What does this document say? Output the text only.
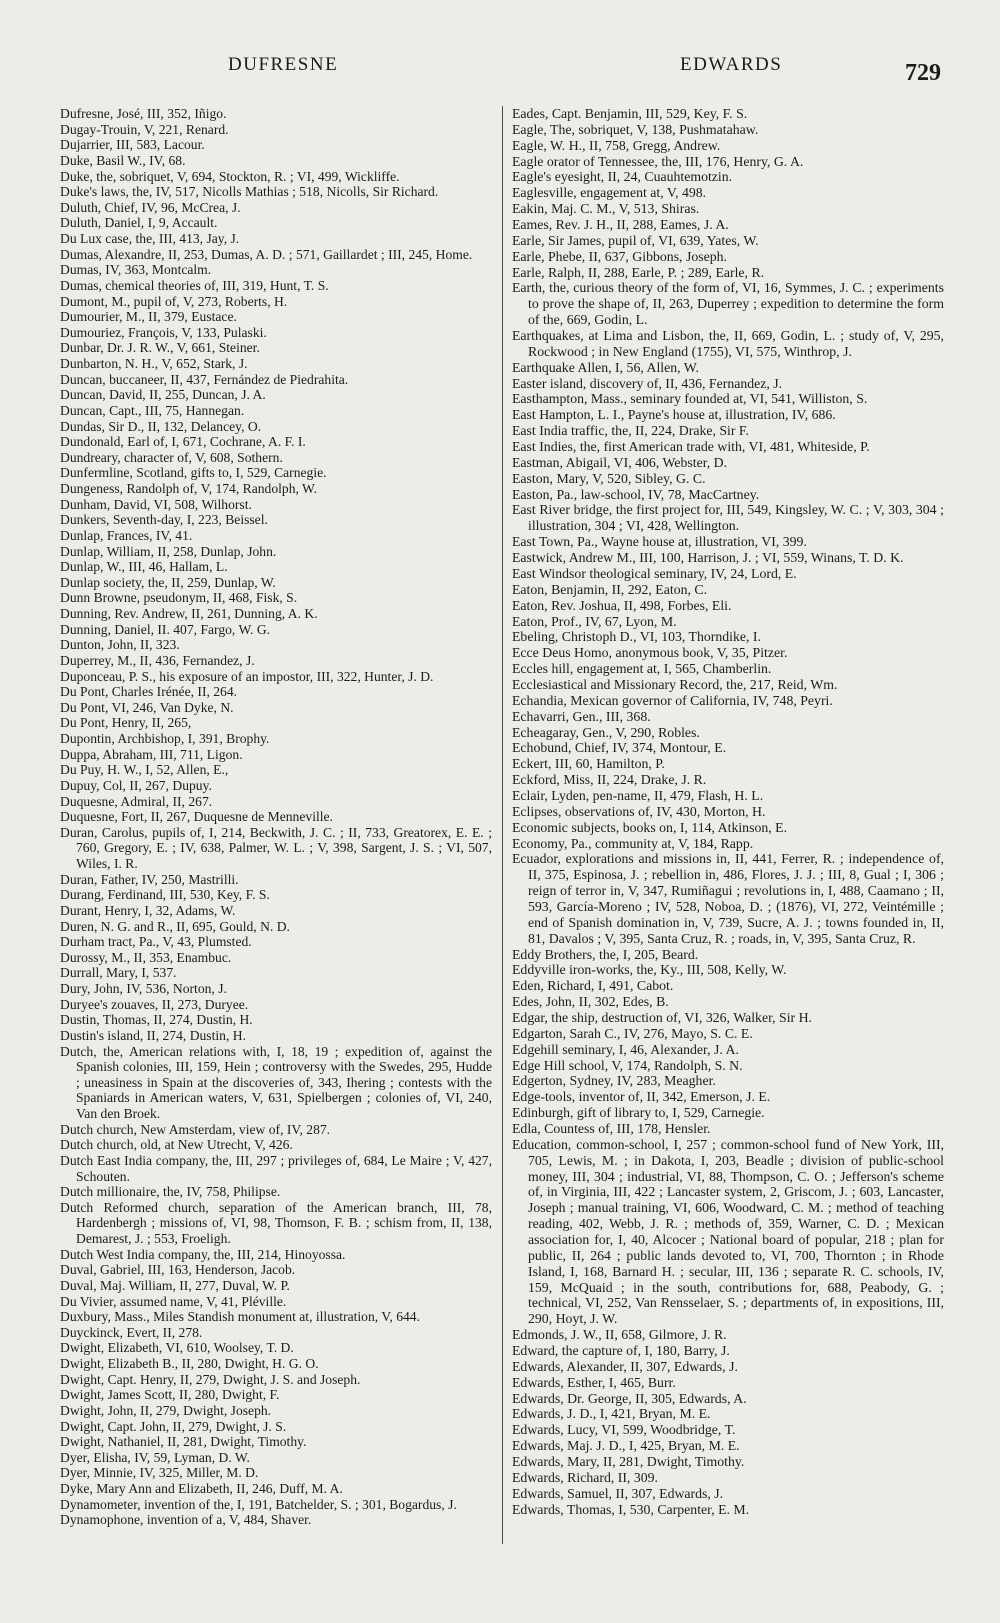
DUFRESNE	EDWARDS	729
Dufresne, José, III, 352, Iñigo.
Dugay-Trouin, V, 221, Renard.
Dujarrier, III, 583, Lacour.
Duke, Basil W., IV, 68.
Duke, the, sobriquet, V, 694, Stockton, R. ; VI, 499, Wickliffe.
Duke's laws, the, IV, 517, Nicolls Mathias ; 518, Nicolls, Sir Richard.
Duluth, Chief, IV, 96, McCrea, J.
Duluth, Daniel, I, 9, Accault.
Du Lux case, the, III, 413, Jay, J.
Dumas, Alexandre, II, 253, Dumas, A. D. ; 571, Gaillardet ; III, 245, Home.
Dumas, IV, 363, Montcalm.
Dumas, chemical theories of, III, 319, Hunt, T. S.
Dumont, M., pupil of, V, 273, Roberts, H.
Dumourier, M., II, 379, Eustace.
Dumouriez, François, V, 133, Pulaski.
Dunbar, Dr. J. R. W., V, 661, Steiner.
Dunbarton, N. H., V, 652, Stark, J.
Duncan, buccaneer, II, 437, Fernández de Piedrahita.
Duncan, David, II, 255, Duncan, J. A.
Duncan, Capt., III, 75, Hannegan.
Dundas, Sir D., II, 132, Delancey, O.
Dundonald, Earl of, I, 671, Cochrane, A. F. I.
Dundreary, character of, V, 608, Sothern.
Dunfermline, Scotland, gifts to, I, 529, Carnegie.
Dungeness, Randolph of, V, 174, Randolph, W.
Dunham, David, VI, 508, Wilhorst.
Dunkers, Seventh-day, I, 223, Beissel.
Dunlap, Frances, IV, 41.
Dunlap, William, II, 258, Dunlap, John.
Dunlap, W., III, 46, Hallam, L.
Dunlap society, the, II, 259, Dunlap, W.
Dunn Browne, pseudonym, II, 468, Fisk, S.
Dunning, Rev. Andrew, II, 261, Dunning, A. K.
Dunning, Daniel, II. 407, Fargo, W. G.
Dunton, John, II, 323.
Duperrey, M., II, 436, Fernandez, J.
Duponceau, P. S., his exposure of an impostor, III, 322, Hunter, J. D.
Du Pont, Charles Irénée, II, 264.
Du Pont, VI, 246, Van Dyke, N.
Du Pont, Henry, II, 265,
Dupontin, Archbishop, I, 391, Brophy.
Duppa, Abraham, III, 711, Ligon.
Du Puy, H. W., I, 52, Allen, E.,
Dupuy, Col, II, 267, Dupuy.
Duquesne, Admiral, II, 267.
Duquesne, Fort, II, 267, Duquesne de Menneville.
Duran, Carolus, pupils of, I, 214, Beckwith, J. C. ; II, 733, Greatorex, E. E. ; 760, Gregory, E. ; IV, 638, Palmer, W. L. ; V, 398, Sargent, J. S. ; VI, 507, Wiles, I. R.
Duran, Father, IV, 250, Mastrilli.
Durang, Ferdinand, III, 530, Key, F. S.
Durant, Henry, I, 32, Adams, W.
Duren, N. G. and R., II, 695, Gould, N. D.
Durham tract, Pa., V, 43, Plumsted.
Durossy, M., II, 353, Enambuc.
Durrall, Mary, I, 537.
Dury, John, IV, 536, Norton, J.
Duryee's zouaves, II, 273, Duryee.
Dustin, Thomas, II, 274, Dustin, H.
Dustin's island, II, 274, Dustin, H.
Dutch, the, American relations with, I, 18, 19 ; expedition of, against the Spanish colonies, III, 159, Hein ; controversy with the Swedes, 295, Hudde ; uneasiness in Spain at the discoveries of, 343, Ihering ; contests with the Spaniards in American waters, V, 631, Spielbergen ; colonies of, VI, 240, Van den Broek.
Dutch church, New Amsterdam, view of, IV, 287.
Dutch church, old, at New Utrecht, V, 426.
Dutch East India company, the, III, 297 ; privileges of, 684, Le Maire ; V, 427, Schouten.
Dutch millionaire, the, IV, 758, Philipse.
Dutch Reformed church, separation of the American branch, III, 78, Hardenbergh ; missions of, VI, 98, Thomson, F. B. ; schism from, II, 138, Demarest, J. ; 553, Froeligh.
Dutch West India company, the, III, 214, Hinoyossa.
Duval, Gabriel, III, 163, Henderson, Jacob.
Duval, Maj. William, II, 277, Duval, W. P.
Du Vivier, assumed name, V, 41, Pléville.
Duxbury, Mass., Miles Standish monument at, illustration, V, 644.
Duyckinck, Evert, II, 278.
Dwight, Elizabeth, VI, 610, Woolsey, T. D.
Dwight, Elizabeth B., II, 280, Dwight, H. G. O.
Dwight, Capt. Henry, II, 279, Dwight, J. S. and Joseph.
Dwight, James Scott, II, 280, Dwight, F.
Dwight, John, II, 279, Dwight, Joseph.
Dwight, Capt. John, II, 279, Dwight, J. S.
Dwight, Nathaniel, II, 281, Dwight, Timothy.
Dyer, Elisha, IV, 59, Lyman, D. W.
Dyer, Minnie, IV, 325, Miller, M. D.
Dyke, Mary Ann and Elizabeth, II, 246, Duff, M. A.
Dynamometer, invention of the, I, 191, Batchelder, S. ; 301, Bogardus, J.
Dynamophone, invention of a, V, 484, Shaver.
Eades, Capt. Benjamin, III, 529, Key, F. S.
Eagle, The, sobriquet, V, 138, Pushmatahaw.
Eagle, W. H., II, 758, Gregg, Andrew.
Eagle orator of Tennessee, the, III, 176, Henry, G. A.
Eagle's eyesight, II, 24, Cuauhtemotzin.
Eaglesville, engagement at, V, 498.
Eakin, Maj. C. M., V, 513, Shiras.
Eames, Rev. J. H., II, 288, Eames, J. A.
Earle, Sir James, pupil of, VI, 639, Yates, W.
Earle, Phebe, II, 637, Gibbons, Joseph.
Earle, Ralph, II, 288, Earle, P. ; 289, Earle, R.
Earth, the, curious theory of the form of, VI, 16, Symmes, J. C. ; experiments to prove the shape of, II, 263, Duperrey ; expedition to determine the form of the, 669, Godin, L.
Earthquakes, at Lima and Lisbon, the, II, 669, Godin, L. ; study of, V, 295, Rockwood ; in New England (1755), VI, 575, Winthrop, J.
Earthquake Allen, I, 56, Allen, W.
Easter island, discovery of, II, 436, Fernandez, J.
Easthampton, Mass., seminary founded at, VI, 541, Williston, S.
East Hampton, L. I., Payne's house at, illustration, IV, 686.
East India traffic, the, II, 224, Drake, Sir F.
East Indies, the, first American trade with, VI, 481, Whiteside, P.
Eastman, Abigail, VI, 406, Webster, D.
Easton, Mary, V, 520, Sibley, G. C.
Easton, Pa., law-school, IV, 78, MacCartney.
East River bridge, the first project for, III, 549, Kingsley, W. C. ; V, 303, 304 ; illustration, 304 ; VI, 428, Wellington.
East Town, Pa., Wayne house at, illustration, VI, 399.
Eastwick, Andrew M., III, 100, Harrison, J. ; VI, 559, Winans, T. D. K.
East Windsor theological seminary, IV, 24, Lord, E.
Eaton, Benjamin, II, 292, Eaton, C.
Eaton, Rev. Joshua, II, 498, Forbes, Eli.
Eaton, Prof., IV, 67, Lyon, M.
Ebeling, Christoph D., VI, 103, Thorndike, I.
Ecce Deus Homo, anonymous book, V, 35, Pitzer.
Eccles hill, engagement at, I, 565, Chamberlin.
Ecclesiastical and Missionary Record, the, 217, Reid, Wm.
Echandia, Mexican governor of California, IV, 748, Peyri.
Echavarri, Gen., III, 368.
Echeagaray, Gen., V, 290, Robles.
Echobund, Chief, IV, 374, Montour, E.
Eckert, III, 60, Hamilton, P.
Eckford, Miss, II, 224, Drake, J. R.
Eclair, Lyden, pen-name, II, 479, Flash, H. L.
Eclipses, observations of, IV, 430, Morton, H.
Economic subjects, books on, I, 114, Atkinson, E.
Economy, Pa., community at, V, 184, Rapp.
Ecuador, explorations and missions in, II, 441, Ferrer, R. ; independence of, II, 375, Espinosa, J. ; rebellion in, 486, Flores, J. J. ; III, 8, Gual ; I, 306 ; reign of terror in, V, 347, Rumiñagui ; revolutions in, I, 488, Caamano ; II, 593, García-Moreno ; IV, 528, Noboa, D. ; (1876), VI, 272, Veintémille ; end of Spanish domination in, V, 739, Sucre, A. J. ; towns founded in, II, 81, Davalos ; V, 395, Santa Cruz, R. ; roads, in, V, 395, Santa Cruz, R.
Eddy Brothers, the, I, 205, Beard.
Eddyville iron-works, the, Ky., III, 508, Kelly, W.
Eden, Richard, I, 491, Cabot.
Edes, John, II, 302, Edes, B.
Edgar, the ship, destruction of, VI, 326, Walker, Sir H.
Edgarton, Sarah C., IV, 276, Mayo, S. C. E.
Edgehill seminary, I, 46, Alexander, J. A.
Edge Hill school, V, 174, Randolph, S. N.
Edgerton, Sydney, IV, 283, Meagher.
Edge-tools, inventor of, II, 342, Emerson, J. E.
Edinburgh, gift of library to, I, 529, Carnegie.
Edla, Countess of, III, 178, Hensler.
Education, common-school, I, 257 ; common-school fund of New York, III, 705, Lewis, M. ; in Dakota, I, 203, Beadle ; division of public-school money, III, 304 ; industrial, VI, 88, Thompson, C. O. ; Jefferson's scheme of, in Virginia, III, 422 ; Lancaster system, 2, Griscom, J. ; 603, Lancaster, Joseph ; manual training, VI, 606, Woodward, C. M. ; method of teaching reading, 402, Webb, J. R. ; methods of, 359, Warner, C. D. ; Mexican association for, I, 40, Alcocer ; National board of popular, 218 ; plan for public, II, 264 ; public lands devoted to, VI, 700, Thornton ; in Rhode Island, I, 168, Barnard H. ; secular, III, 136 ; separate R. C. schools, IV, 159, McQuaid ; in the south, contributions for, 688, Peabody, G. ; technical, VI, 252, Van Rensselaer, S. ; departments of, in expositions, III, 290, Hoyt, J. W.
Edmonds, J. W., II, 658, Gilmore, J. R.
Edward, the capture of, I, 180, Barry, J.
Edwards, Alexander, II, 307, Edwards, J.
Edwards, Esther, I, 465, Burr.
Edwards, Dr. George, II, 305, Edwards, A.
Edwards, J. D., I, 421, Bryan, M. E.
Edwards, Lucy, VI, 599, Woodbridge, T.
Edwards, Maj. J. D., I, 425, Bryan, M. E.
Edwards, Mary, II, 281, Dwight, Timothy.
Edwards, Richard, II, 309.
Edwards, Samuel, II, 307, Edwards, J.
Edwards, Thomas, I, 530, Carpenter, E. M.
